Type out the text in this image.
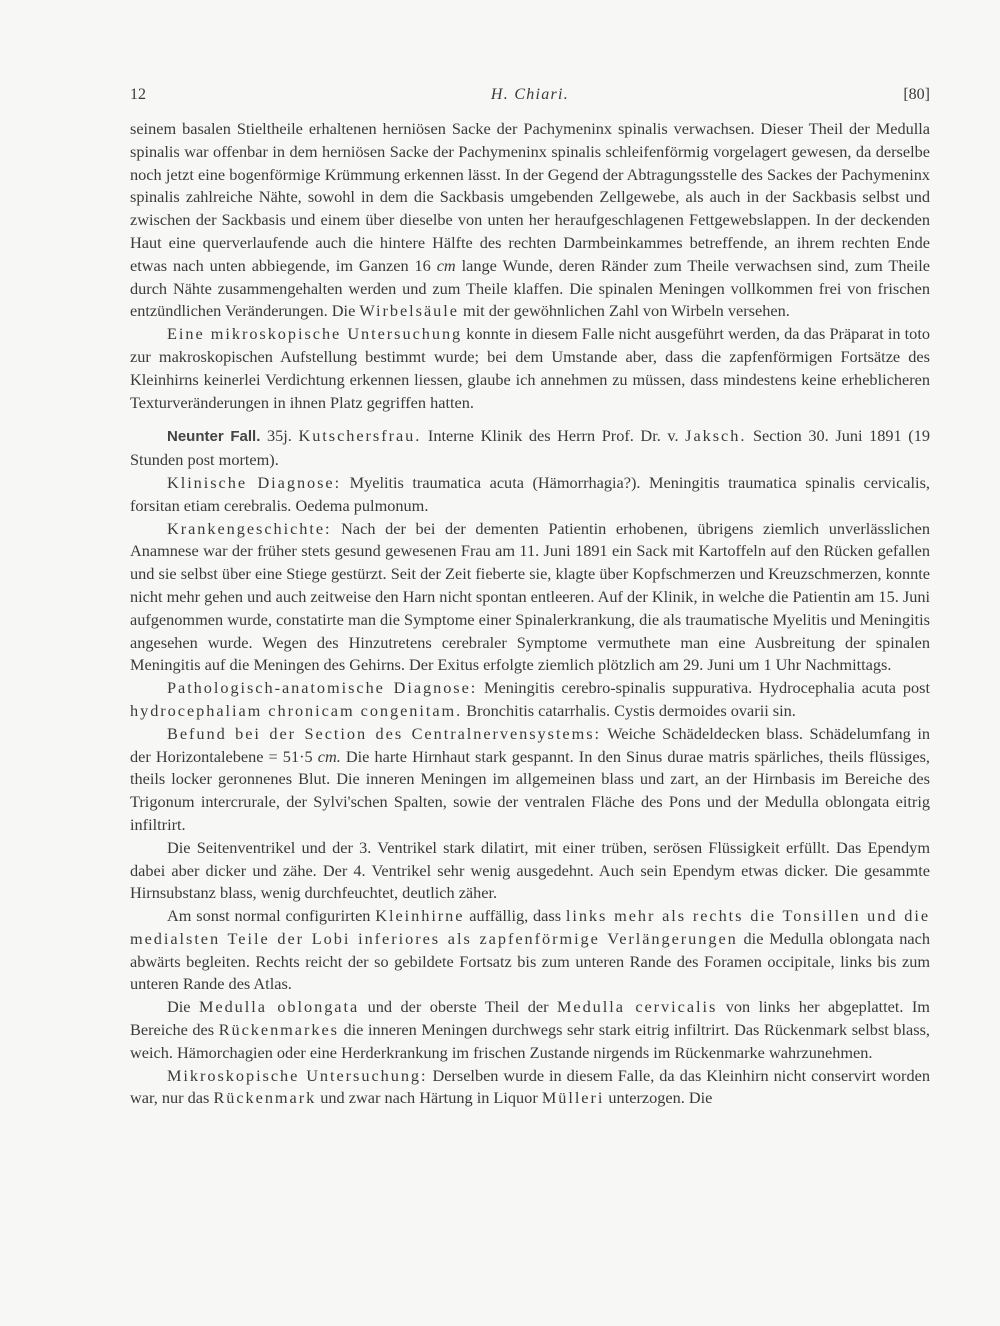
12	H. Chiari.	[80]

seinem basalen Stieltheile erhaltenen herniösen Sacke der Pachymeninx spinalis verwachsen. Dieser Theil der Medulla spinalis war offenbar in dem herniösen Sacke der Pachymeninx spinalis schleifenförmig vorgelagert gewesen, da derselbe noch jetzt eine bogenförmige Krümmung erkennen lässt. In der Gegend der Abtragungsstelle des Sackes der Pachymeninx spinalis zahlreiche Nähte, sowohl in dem die Sackbasis umgebenden Zellgewebe, als auch in der Sackbasis selbst und zwischen der Sackbasis und einem über dieselbe von unten her heraufgeschlagenen Fettgewebslappen. In der deckenden Haut eine querverlaufende auch die hintere Hälfte des rechten Darmbeinkammes betreffende, an ihrem rechten Ende etwas nach unten abbiegende, im Ganzen 16 cm lange Wunde, deren Ränder zum Theile verwachsen sind, zum Theile durch Nähte zusammengehalten werden und zum Theile klaffen. Die spinalen Meningen vollkommen frei von frischen entzündlichen Veränderungen. Die Wirbelsäule mit der gewöhnlichen Zahl von Wirbeln versehen.

Eine mikroskopische Untersuchung konnte in diesem Falle nicht ausgeführt werden, da das Präparat in toto zur makroskopischen Aufstellung bestimmt wurde; bei dem Umstande aber, dass die zapfenförmigen Fortsätze des Kleinhirns keinerlei Verdichtung erkennen liessen, glaube ich annehmen zu müssen, dass mindestens keine erheblicheren Texturveränderungen in ihnen Platz gegriffen hatten.

Neunter Fall. 35j. Kutschersfrau. Interne Klinik des Herrn Prof. Dr. v. Jaksch. Section 30. Juni 1891 (19 Stunden post mortem).

Klinische Diagnose: Myelitis traumatica acuta (Hämorrhagia?). Meningitis traumatica spinalis cervicalis, forsitan etiam cerebralis. Oedema pulmonum.

Krankengeschichte: Nach der bei der dementen Patientin erhobenen, übrigens ziemlich unverlässlichen Anamnese war der früher stets gesund gewesenen Frau am 11. Juni 1891 ein Sack mit Kartoffeln auf den Rücken gefallen und sie selbst über eine Stiege gestürzt. Seit der Zeit fieberte sie, klagte über Kopfschmerzen und Kreuzschmerzen, konnte nicht mehr gehen und auch zeitweise den Harn nicht spontan entleeren. Auf der Klinik, in welche die Patientin am 15. Juni aufgenommen wurde, constatirte man die Symptome einer Spinalerkrankung, die als traumatische Myelitis und Meningitis angesehen wurde. Wegen des Hinzutretens cerebraler Symptome vermuthete man eine Ausbreitung der spinalen Meningitis auf die Meningen des Gehirns. Der Exitus erfolgte ziemlich plötzlich am 29. Juni um 1 Uhr Nachmittags.

Pathologisch-anatomische Diagnose: Meningitis cerebro-spinalis suppurativa. Hydrocephalia acuta post hydrocephaliam chronicam congenitam. Bronchitis catarrhalis. Cystis dermoides ovarii sin.

Befund bei der Section des Centralnervensystems: Weiche Schädeldecken blass. Schädelumfang in der Horizontalebene = 51·5 cm. Die harte Hirnhaut stark gespannt. In den Sinus durae matris spärliches, theils flüssiges, theils locker geronnenes Blut. Die inneren Meningen im allgemeinen blass und zart, an der Hirnbasis im Bereiche des Trigonum intercrurale, der Sylvi'schen Spalten, sowie der ventralen Fläche des Pons und der Medulla oblongata eitrig infiltrirt.

Die Seitenventrikel und der 3. Ventrikel stark dilatirt, mit einer trüben, serösen Flüssigkeit erfüllt. Das Ependym dabei aber dicker und zähe. Der 4. Ventrikel sehr wenig ausgedehnt. Auch sein Ependym etwas dicker. Die gesammte Hirnsubstanz blass, wenig durchfeuchtet, deutlich zäher.

Am sonst normal configurirten Kleinhirne auffällig, dass links mehr als rechts die Tonsillen und die medialsten Teile der Lobi inferiores als zapfenförmige Verlängerungen die Medulla oblongata nach abwärts begleiten. Rechts reicht der so gebildete Fortsatz bis zum unteren Rande des Foramen occipitale, links bis zum unteren Rande des Atlas.

Die Medulla oblongata und der oberste Theil der Medulla cervicalis von links her abgeplattet. Im Bereiche des Rückenmarkes die inneren Meningen durchwegs sehr stark eitrig infiltrirt. Das Rückenmark selbst blass, weich. Hämorchagien oder eine Herderkrankung im frischen Zustande nirgends im Rückenmarke wahrzunehmen.

Mikroskopische Untersuchung: Derselben wurde in diesem Falle, da das Kleinhirn nicht conservirt worden war, nur das Rückenmark und zwar nach Härtung in Liquor Mülleri unterzogen. Die
